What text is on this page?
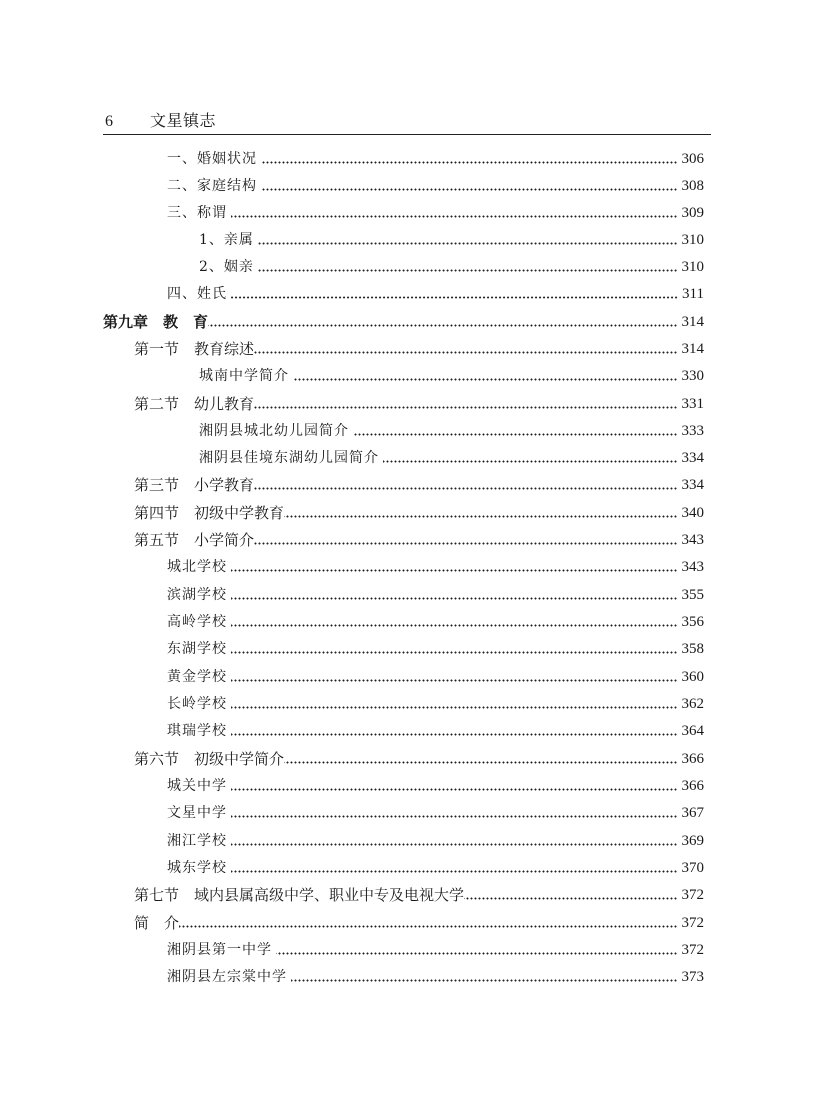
6 文星镇志
一、婚姻状况	306
二、家庭结构	308
三、称谓	309
1、亲属	310
2、姻亲	310
四、姓氏	311
第九章　教　育	314
第一节　教育综述	314
城南中学简介	330
第二节　幼儿教育	331
湘阴县城北幼儿园简介	333
湘阴县佳境东湖幼儿园简介	334
第三节　小学教育	334
第四节　初级中学教育	340
第五节　小学简介	343
城北学校	343
滨湖学校	355
高岭学校	356
东湖学校	358
黄金学校	360
长岭学校	362
琪瑞学校	364
第六节　初级中学简介	366
城关中学	366
文星中学	367
湘江学校	369
城东学校	370
第七节　域内县属高级中学、职业中专及电视大学	372
简　介	372
湘阴县第一中学	372
湘阴县左宗棠中学	373
